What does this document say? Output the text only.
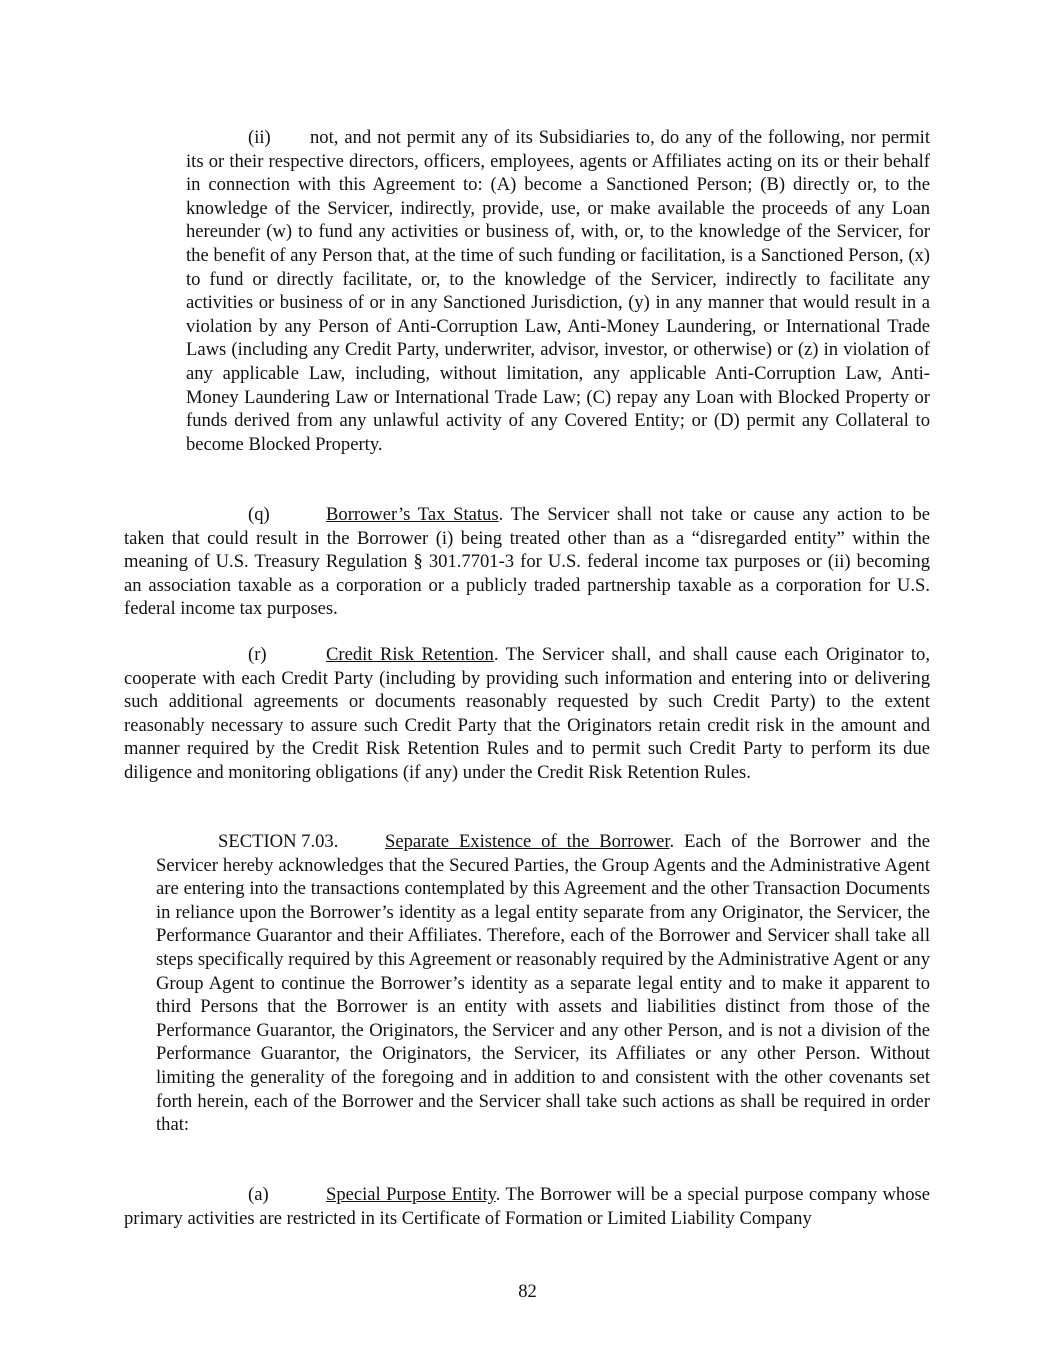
(ii) not, and not permit any of its Subsidiaries to, do any of the following, nor permit its or their respective directors, officers, employees, agents or Affiliates acting on its or their behalf in connection with this Agreement to: (A) become a Sanctioned Person; (B) directly or, to the knowledge of the Servicer, indirectly, provide, use, or make available the proceeds of any Loan hereunder (w) to fund any activities or business of, with, or, to the knowledge of the Servicer, for the benefit of any Person that, at the time of such funding or facilitation, is a Sanctioned Person, (x) to fund or directly facilitate, or, to the knowledge of the Servicer, indirectly to facilitate any activities or business of or in any Sanctioned Jurisdiction, (y) in any manner that would result in a violation by any Person of Anti-Corruption Law, Anti-Money Laundering, or International Trade Laws (including any Credit Party, underwriter, advisor, investor, or otherwise) or (z) in violation of any applicable Law, including, without limitation, any applicable Anti-Corruption Law, Anti-Money Laundering Law or International Trade Law; (C) repay any Loan with Blocked Property or funds derived from any unlawful activity of any Covered Entity; or (D) permit any Collateral to become Blocked Property.

(q)	Borrower’s Tax Status. The Servicer shall not take or cause any action to be taken that could result in the Borrower (i) being treated other than as a “disregarded entity” within the meaning of U.S. Treasury Regulation § 301.7701-3 for U.S. federal income tax purposes or (ii) becoming an association taxable as a corporation or a publicly traded partnership taxable as a corporation for U.S. federal income tax purposes.

(r)	Credit Risk Retention. The Servicer shall, and shall cause each Originator to, cooperate with each Credit Party (including by providing such information and entering into or delivering such additional agreements or documents reasonably requested by such Credit Party) to the extent reasonably necessary to assure such Credit Party that the Originators retain credit risk in the amount and manner required by the Credit Risk Retention Rules and to permit such Credit Party to perform its due diligence and monitoring obligations (if any) under the Credit Risk Retention Rules.

SECTION 7.03.	Separate Existence of the Borrower. Each of the Borrower and the Servicer hereby acknowledges that the Secured Parties, the Group Agents and the Administrative Agent are entering into the transactions contemplated by this Agreement and the other Transaction Documents in reliance upon the Borrower’s identity as a legal entity separate from any Originator, the Servicer, the Performance Guarantor and their Affiliates. Therefore, each of the Borrower and Servicer shall take all steps specifically required by this Agreement or reasonably required by the Administrative Agent or any Group Agent to continue the Borrower’s identity as a separate legal entity and to make it apparent to third Persons that the Borrower is an entity with assets and liabilities distinct from those of the Performance Guarantor, the Originators, the Servicer and any other Person, and is not a division of the Performance Guarantor, the Originators, the Servicer, its Affiliates or any other Person. Without limiting the generality of the foregoing and in addition to and consistent with the other covenants set forth herein, each of the Borrower and the Servicer shall take such actions as shall be required in order that:

(a)	Special Purpose Entity. The Borrower will be a special purpose company whose primary activities are restricted in its Certificate of Formation or Limited Liability Company

82
